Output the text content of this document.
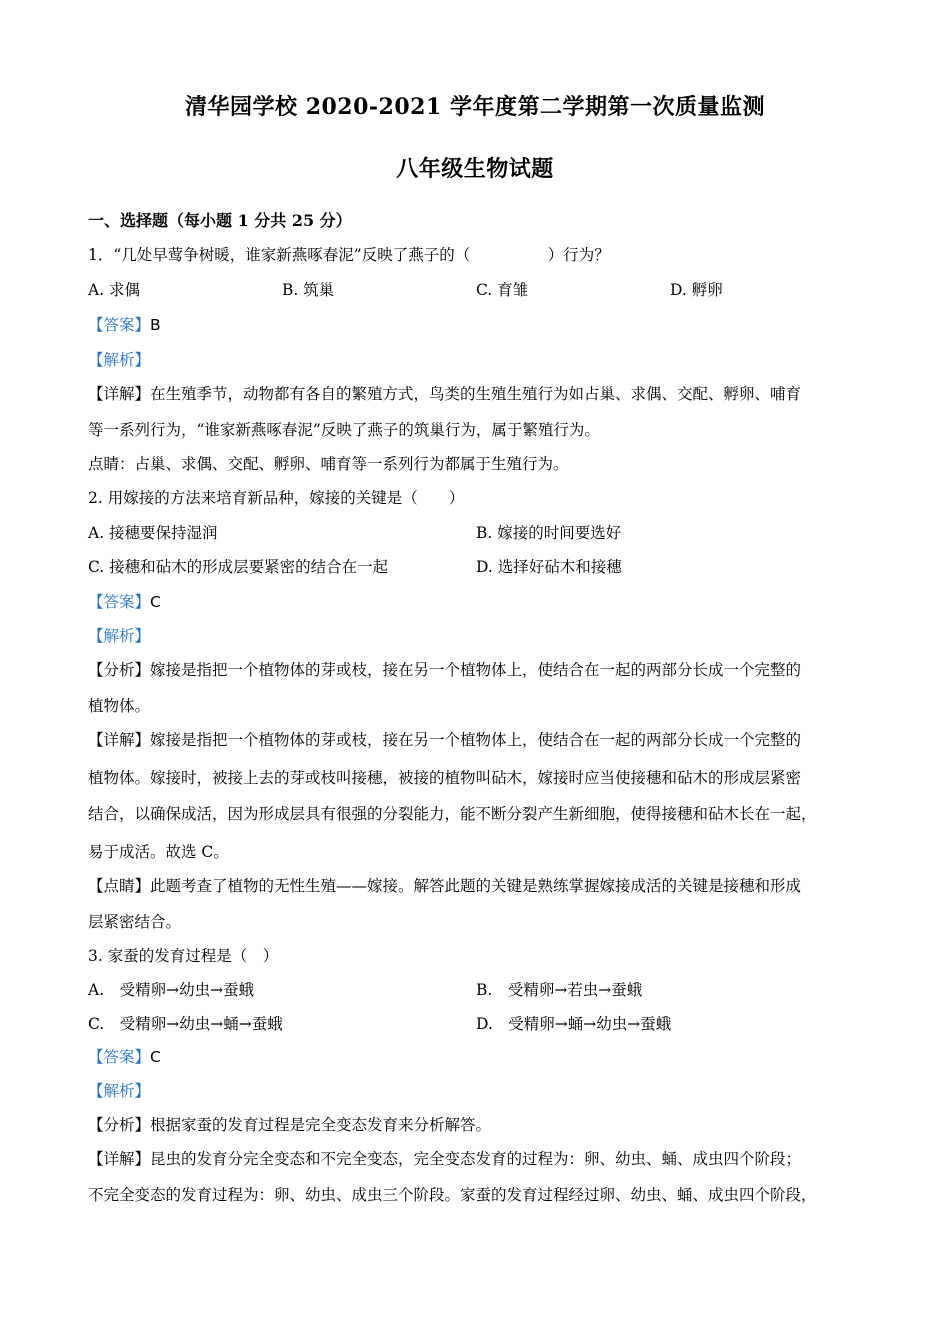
清华园学校 2020-2021 学年度第二学期第一次质量监测
八年级生物试题
一、选择题（每小题 1 分共 25 分）
1．“几处早莺争树暖，谁家新燕啄春泥”反映了燕子的（　　　　　）行为？
A. 求偶	B. 筑巢	C. 育雏	D. 孵卵
【答案】B
【解析】
【详解】在生殖季节，动物都有各自的繁殖方式，鸟类的生殖生殖行为如占巢、求偶、交配、孵卵、哺育
等一系列行为，“谁家新燕啄春泥”反映了燕子的筑巢行为，属于繁殖行为。
点睛：占巢、求偶、交配、孵卵、哺育等一系列行为都属于生殖行为。
2. 用嫁接的方法来培育新品种，嫁接的关键是（　　）
A. 接穗要保持湿润	B. 嫁接的时间要选好
C. 接穗和砧木的形成层要紧密的结合在一起	D. 选择好砧木和接穗
【答案】C
【解析】
【分析】嫁接是指把一个植物体的芽或枝，接在另一个植物体上，使结合在一起的两部分长成一个完整的
植物体。
【详解】嫁接是指把一个植物体的芽或枝，接在另一个植物体上，使结合在一起的两部分长成一个完整的
植物体。嫁接时，被接上去的芽或枝叫接穗，被接的植物叫砧木，嫁接时应当使接穗和砧木的形成层紧密
结合，以确保成活，因为形成层具有很强的分裂能力，能不断分裂产生新细胞，使得接穗和砧木长在一起，
易于成活。故选 C。
【点睛】此题考查了植物的无性生殖——嫁接。解答此题的关键是熟练掌握嫁接成活的关键是接穗和形成
层紧密结合。
3. 家蚕的发育过程是（　）
A.　受精卵→幼虫→蚕蛾	B.　受精卵→若虫→蚕蛾
C.　受精卵→幼虫→蛹→蚕蛾	D.　受精卵→蛹→幼虫→蚕蛾
【答案】C
【解析】
【分析】根据家蚕的发育过程是完全变态发育来分析解答。
【详解】昆虫的发育分完全变态和不完全变态，完全变态发育的过程为：卵、幼虫、蛹、成虫四个阶段；
不完全变态的发育过程为：卵、幼虫、成虫三个阶段。家蚕的发育过程经过卵、幼虫、蛹、成虫四个阶段，
